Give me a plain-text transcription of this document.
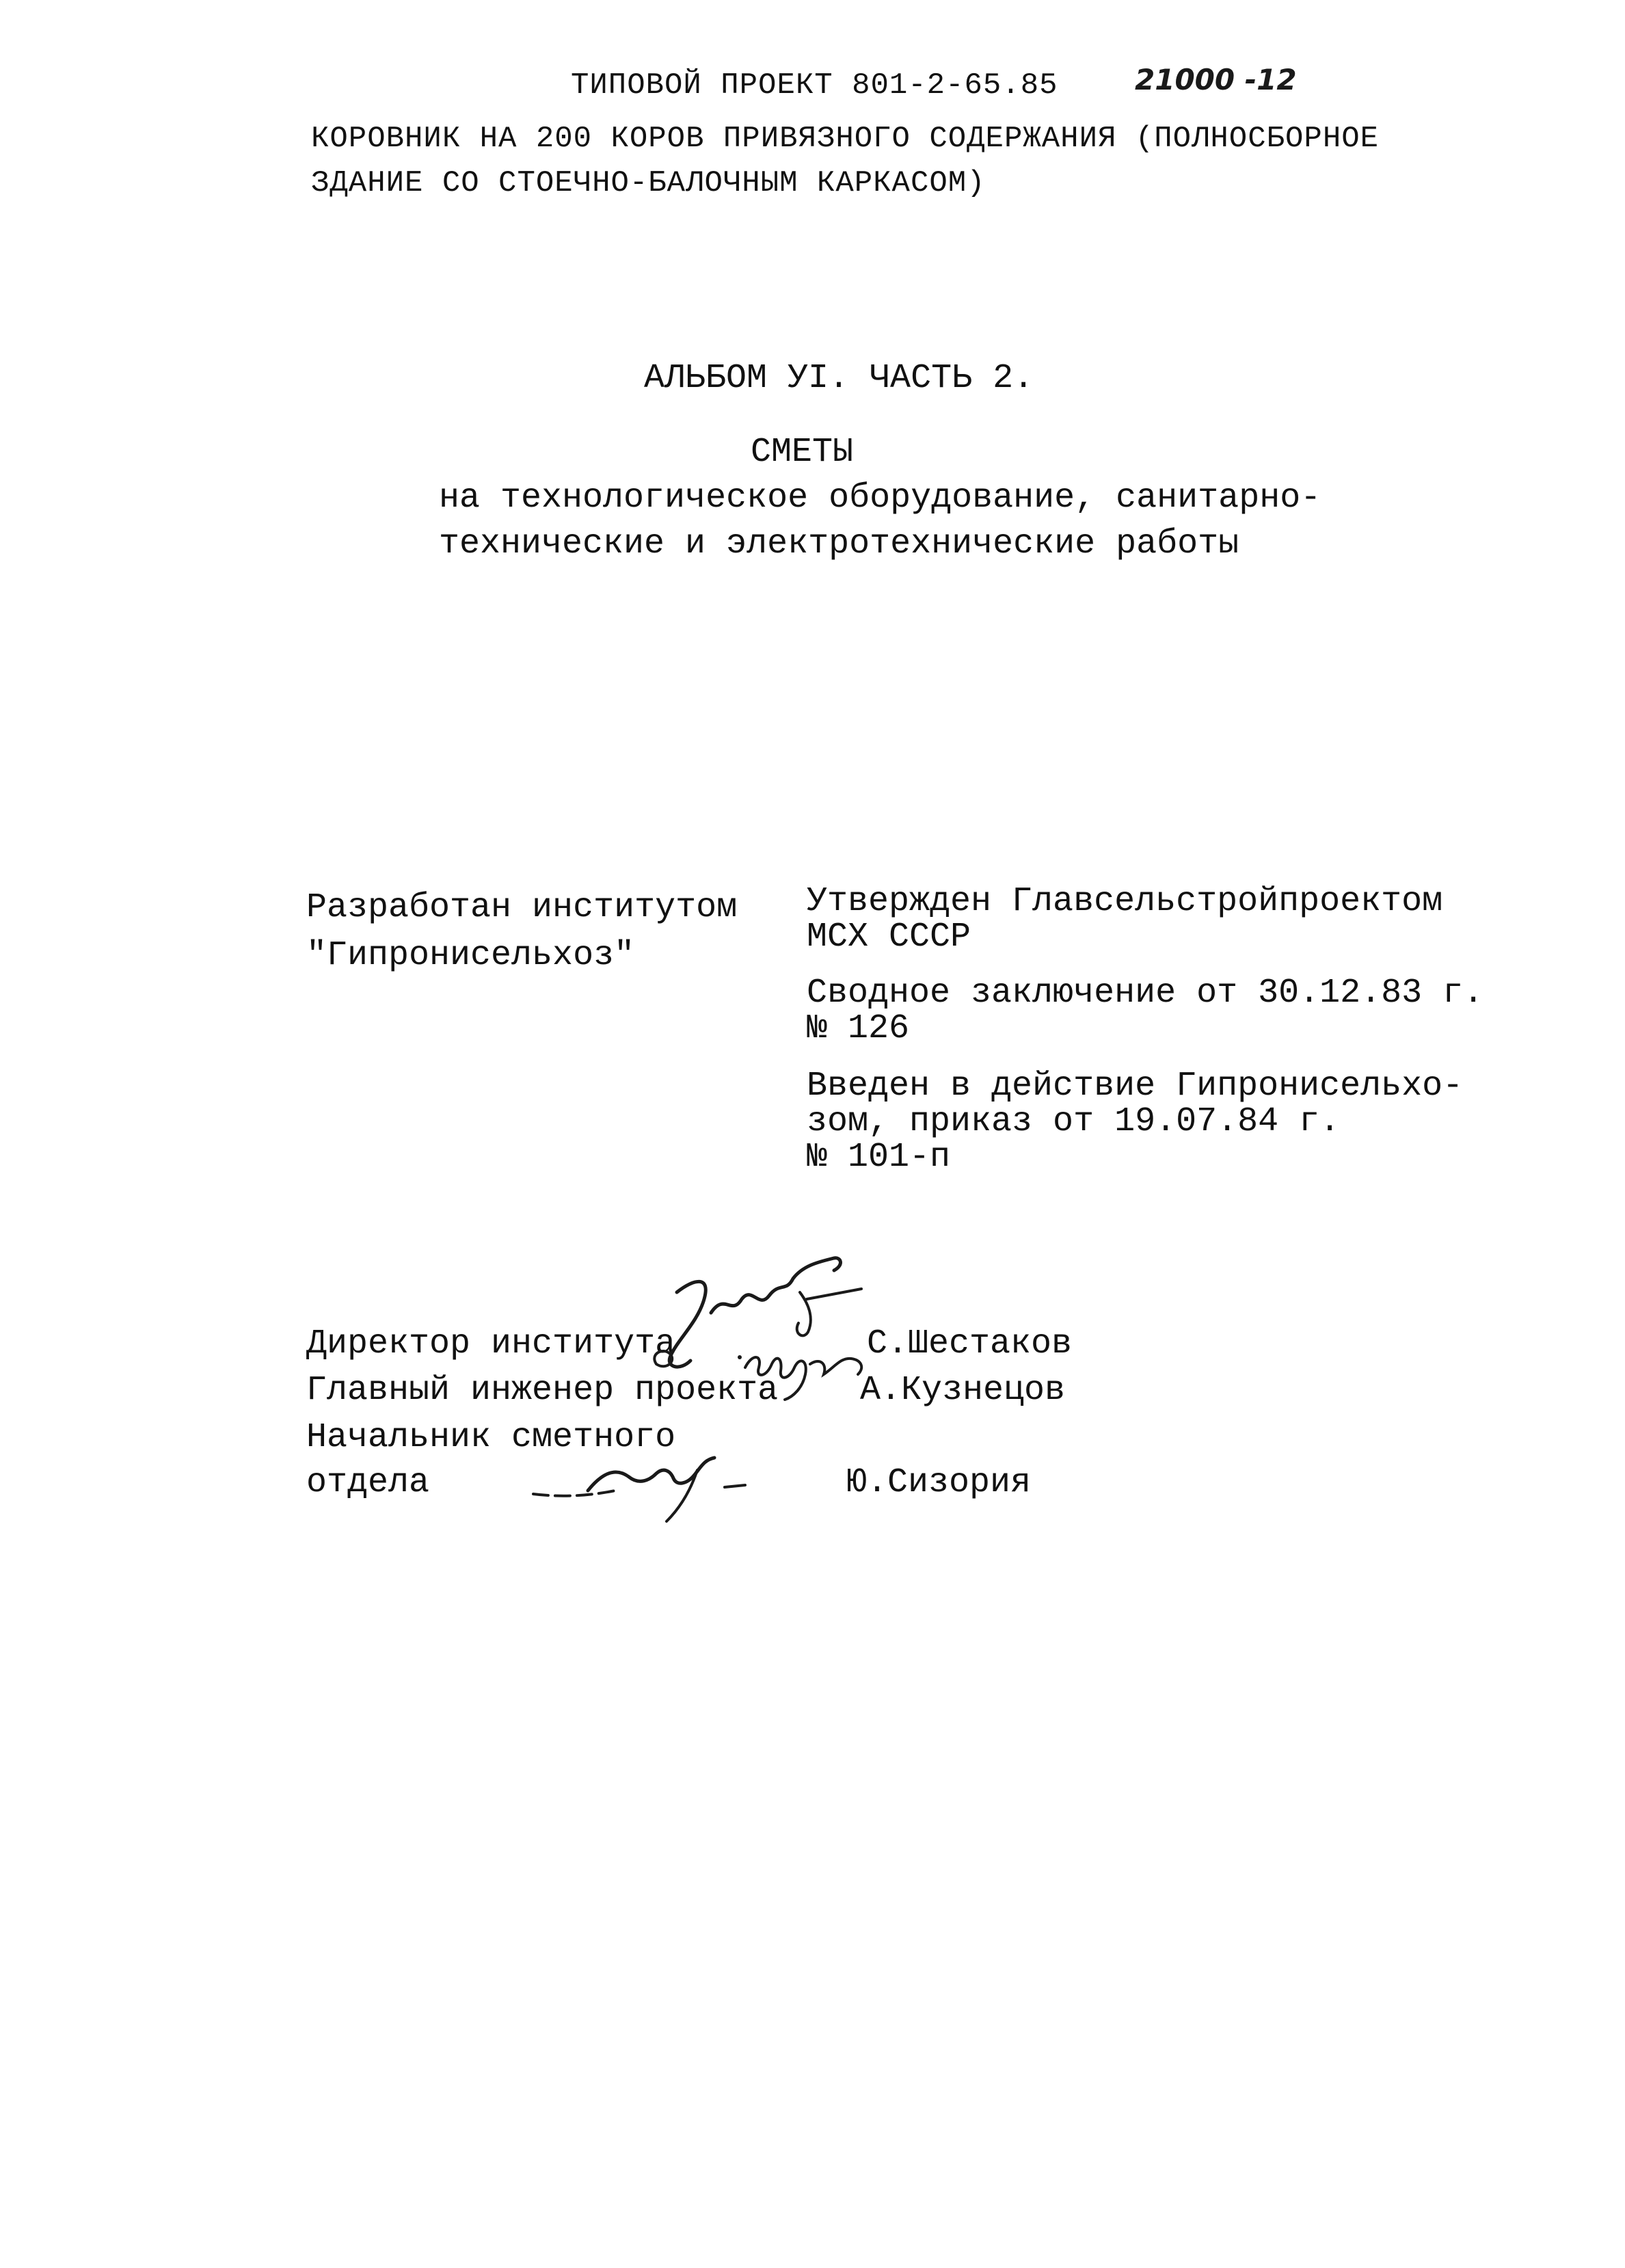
ТИПОВОЙ ПРОЕКТ 801-2-65.85	21000 -12
КОРОВНИК НА 200 КОРОВ ПРИВЯЗНОГО СОДЕРЖАНИЯ (ПОЛНОСБОРНОЕ
ЗДАНИЕ СО СТОЕЧНО-БАЛОЧНЫМ КАРКАСОМ)
АЛЬБОМ УI. ЧАСТЬ 2.
СМЕТЫ
на технологическое оборудование, санитарно-
технические и электротехнические работы
Разработан институтом
"Гипронисельхоз"
Утвержден Главсельстройпроектом
МСХ СССР
Сводное заключение от 30.12.83 г.
№ 126
Введен в действие Гипронисельхо-
зом, приказ от 19.07.84 г.
№ 101-п
Директор института	С.Шестаков
Главный инженер проекта А.Кузнецов
Начальник сметного
отдела	Ю.Сизория
